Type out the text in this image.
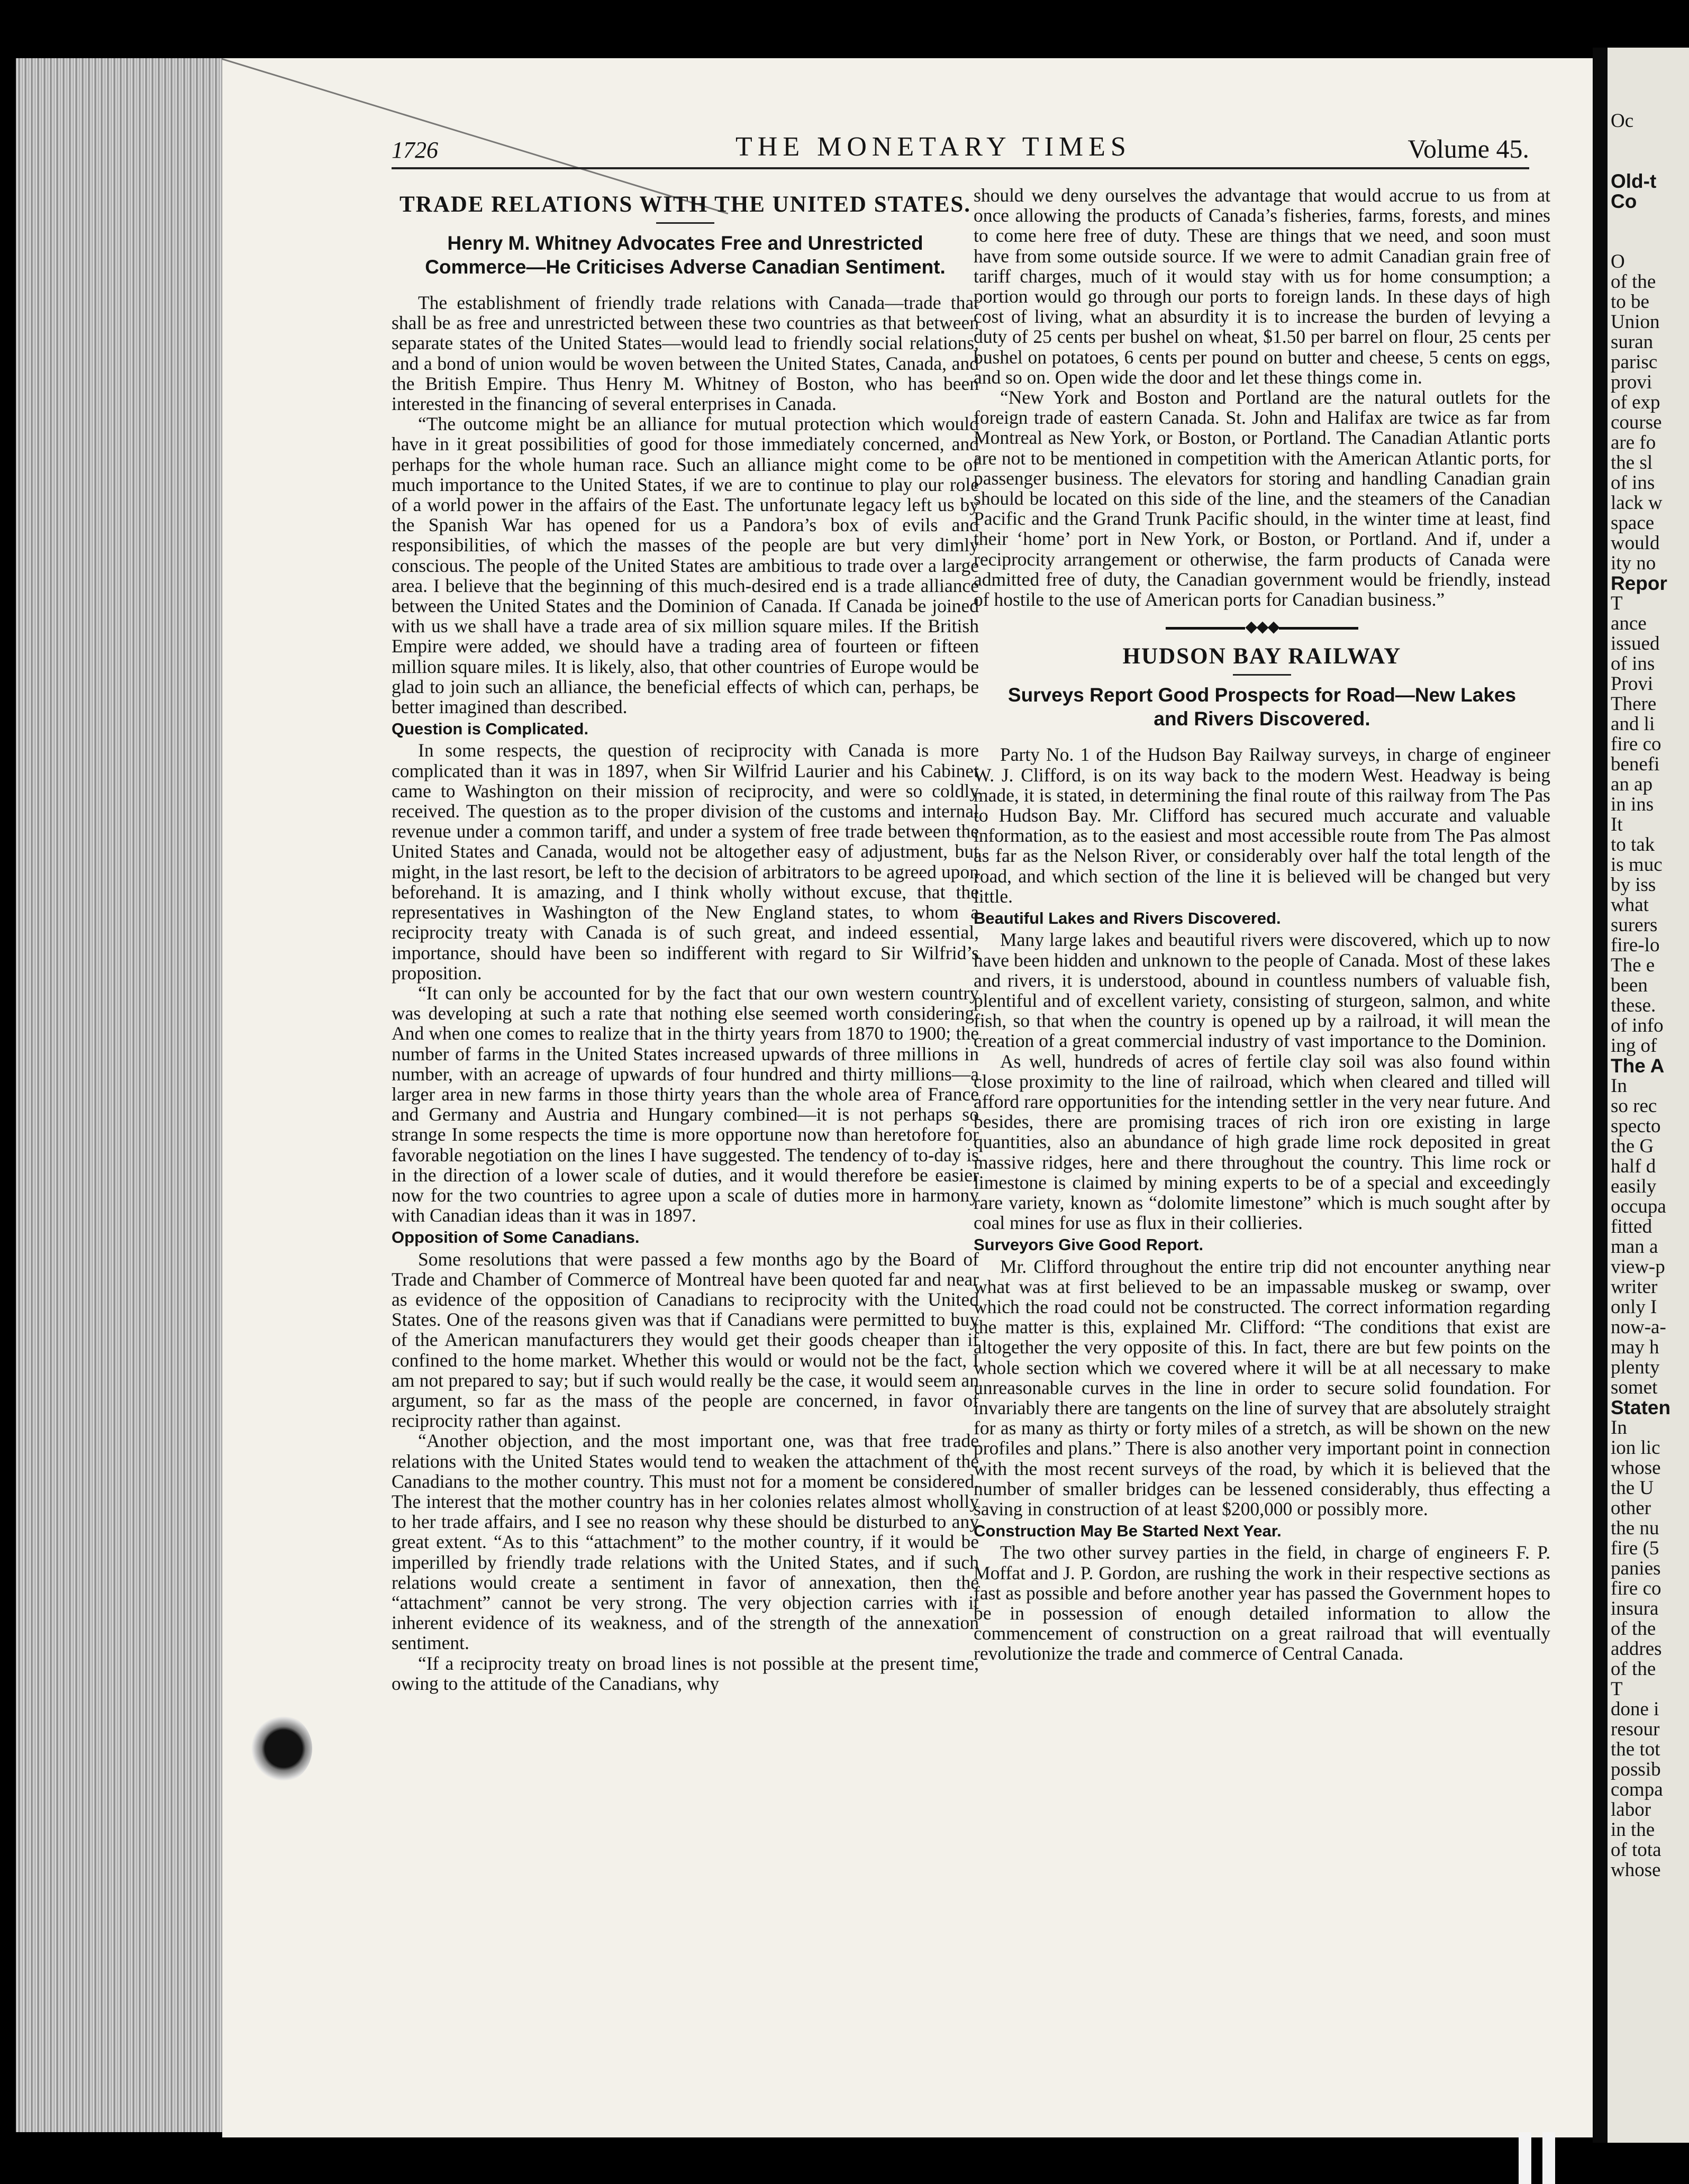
Oc

Old-t
Co

O
of the
to be
Union
suran
parisc
provi
of exp
course
are fo
the sl
of ins
lack w
space
would
ity no
Repor
T
ance
issued
of ins
Provi
There
and li
fire co
benefi
an ap
in ins
It
to tak
is muc
by iss
what
surers
fire-lo
The e
been
these.
of info
ing of
The A
In
so rec
specto
the G
half d
easily
occupa
fitted
man a
view-p
writer
only I
now-a-
may h
plenty
somet
Staten
In
ion lic
whose
the U
other
the nu
fire (5
panies
fire co
insura
of the
addres
of the
T
done i
resour
the tot
possib
compa
labor
in the
of tota
whose
1726	THE MONETARY TIMES	Volume 45.
TRADE RELATIONS WITH THE UNITED STATES.
Henry M. Whitney Advocates Free and Unrestricted Commerce—He Criticises Adverse Canadian Sentiment.

The establishment of friendly trade relations with Canada—trade that shall be as free and unrestricted between these two countries as that between separate states of the United States—would lead to friendly social relations, and a bond of union would be woven between the United States, Canada, and the British Empire. Thus Henry M. Whitney of Boston, who has been interested in the financing of several enterprises in Canada.

“The outcome might be an alliance for mutual protection which would have in it great possibilities of good for those immediately concerned, and perhaps for the whole human race. Such an alliance might come to be of much importance to the United States, if we are to continue to play our role of a world power in the affairs of the East. The unfortunate legacy left us by the Spanish War has opened for us a Pandora’s box of evils and responsibilities, of which the masses of the people are but very dimly conscious. The people of the United States are ambitious to trade over a large area. I believe that the beginning of this much-desired end is a trade alliance between the United States and the Dominion of Canada. If Canada be joined with us we shall have a trade area of six million square miles. If the British Empire were added, we should have a trading area of fourteen or fifteen million square miles. It is likely, also, that other countries of Europe would be glad to join such an alliance, the beneficial effects of which can, perhaps, be better imagined than described.

Question is Complicated.

In some respects, the question of reciprocity with Canada is more complicated than it was in 1897, when Sir Wilfrid Laurier and his Cabinet came to Washington on their mission of reciprocity, and were so coldly received. The question as to the proper division of the customs and internal revenue under a common tariff, and under a system of free trade between the United States and Canada, would not be altogether easy of adjustment, but might, in the last resort, be left to the decision of arbitrators to be agreed upon beforehand. It is amazing, and I think wholly without excuse, that the representatives in Washington of the New England states, to whom a reciprocity treaty with Canada is of such great, and indeed essential, importance, should have been so indifferent with regard to Sir Wilfrid’s proposition.

“It can only be accounted for by the fact that our own western country was developing at such a rate that nothing else seemed worth considering. And when one comes to realize that in the thirty years from 1870 to 1900; the number of farms in the United States increased upwards of three millions in number, with an acreage of upwards of four hundred and thirty millions—a larger area in new farms in those thirty years than the whole area of France and Germany and Austria and Hungary combined—it is not perhaps so strange In some respects the time is more opportune now than heretofore for favorable negotiation on the lines I have suggested. The tendency of to-day is in the direction of a lower scale of duties, and it would therefore be easier now for the two countries to agree upon a scale of duties more in harmony with Canadian ideas than it was in 1897.

Opposition of Some Canadians.

Some resolutions that were passed a few months ago by the Board of Trade and Chamber of Commerce of Montreal have been quoted far and near as evidence of the opposition of Canadians to reciprocity with the United States. One of the reasons given was that if Canadians were permitted to buy of the American manufacturers they would get their goods cheaper than if confined to the home market. Whether this would or would not be the fact, I am not prepared to say; but if such would really be the case, it would seem an argument, so far as the mass of the people are concerned, in favor of reciprocity rather than against.

“Another objection, and the most important one, was that free trade relations with the United States would tend to weaken the attachment of the Canadians to the mother country. This must not for a moment be considered. The interest that the mother country has in her colonies relates almost wholly to her trade affairs, and I see no reason why these should be disturbed to any great extent. “As to this “attachment” to the mother country, if it would be imperilled by friendly trade relations with the United States, and if such relations would create a sentiment in favor of annexation, then the “attachment” cannot be very strong. The very objection carries with it inherent evidence of its weakness, and of the strength of the annexation sentiment.

“If a reciprocity treaty on broad lines is not possible at the present time, owing to the attitude of the Canadians, why

should we deny ourselves the advantage that would accrue to us from at once allowing the products of Canada’s fisheries, farms, forests, and mines to come here free of duty. These are things that we need, and soon must have from some outside source. If we were to admit Canadian grain free of tariff charges, much of it would stay with us for home consumption; a portion would go through our ports to foreign lands. In these days of high cost of living, what an absurdity it is to increase the burden of levying a duty of 25 cents per bushel on wheat, $1.50 per barrel on flour, 25 cents per bushel on potatoes, 6 cents per pound on butter and cheese, 5 cents on eggs, and so on. Open wide the door and let these things come in.

“New York and Boston and Portland are the natural outlets for the foreign trade of eastern Canada. St. John and Halifax are twice as far from Montreal as New York, or Boston, or Portland. The Canadian Atlantic ports are not to be mentioned in competition with the American Atlantic ports, for passenger business. The elevators for storing and handling Canadian grain should be located on this side of the line, and the steamers of the Canadian Pacific and the Grand Trunk Pacific should, in the winter time at least, find their ‘home’ port in New York, or Boston, or Portland. And if, under a reciprocity arrangement or otherwise, the farm products of Canada were admitted free of duty, the Canadian government would be friendly, instead of hostile to the use of American ports for Canadian business.”

◆◆◆
HUDSON BAY RAILWAY
Surveys Report Good Prospects for Road—New Lakes and Rivers Discovered.

Party No. 1 of the Hudson Bay Railway surveys, in charge of engineer W. J. Clifford, is on its way back to the modern West. Headway is being made, it is stated, in determining the final route of this railway from The Pas to Hudson Bay. Mr. Clifford has secured much accurate and valuable information, as to the easiest and most accessible route from The Pas almost as far as the Nelson River, or considerably over half the total length of the road, and which section of the line it is believed will be changed but very little.

Beautiful Lakes and Rivers Discovered.

Many large lakes and beautiful rivers were discovered, which up to now have been hidden and unknown to the people of Canada. Most of these lakes and rivers, it is understood, abound in countless numbers of valuable fish, plentiful and of excellent variety, consisting of sturgeon, salmon, and white fish, so that when the country is opened up by a railroad, it will mean the creation of a great commercial industry of vast importance to the Dominion.

As well, hundreds of acres of fertile clay soil was also found within close proximity to the line of railroad, which when cleared and tilled will afford rare opportunities for the intending settler in the very near future. And besides, there are promising traces of rich iron ore existing in large quantities, also an abundance of high grade lime rock deposited in great massive ridges, here and there throughout the country. This lime rock or limestone is claimed by mining experts to be of a special and exceedingly rare variety, known as “dolomite limestone” which is much sought after by coal mines for use as flux in their collieries.

Surveyors Give Good Report.

Mr. Clifford throughout the entire trip did not encounter anything near what was at first believed to be an impassable muskeg or swamp, over which the road could not be constructed. The correct information regarding the matter is this, explained Mr. Clifford: “The conditions that exist are altogether the very opposite of this. In fact, there are but few points on the whole section which we covered where it will be at all necessary to make unreasonable curves in the line in order to secure solid foundation. For invariably there are tangents on the line of survey that are absolutely straight for as many as thirty or forty miles of a stretch, as will be shown on the new profiles and plans.” There is also another very important point in connection with the most recent surveys of the road, by which it is believed that the number of smaller bridges can be lessened considerably, thus effecting a saving in construction of at least $200,000 or possibly more.

Construction May Be Started Next Year.

The two other survey parties in the field, in charge of engineers F. P. Moffat and J. P. Gordon, are rushing the work in their respective sections as fast as possible and before another year has passed the Government hopes to be in possession of enough detailed information to allow the commencement of construction on a great railroad that will eventually revolutionize the trade and commerce of Central Canada.
